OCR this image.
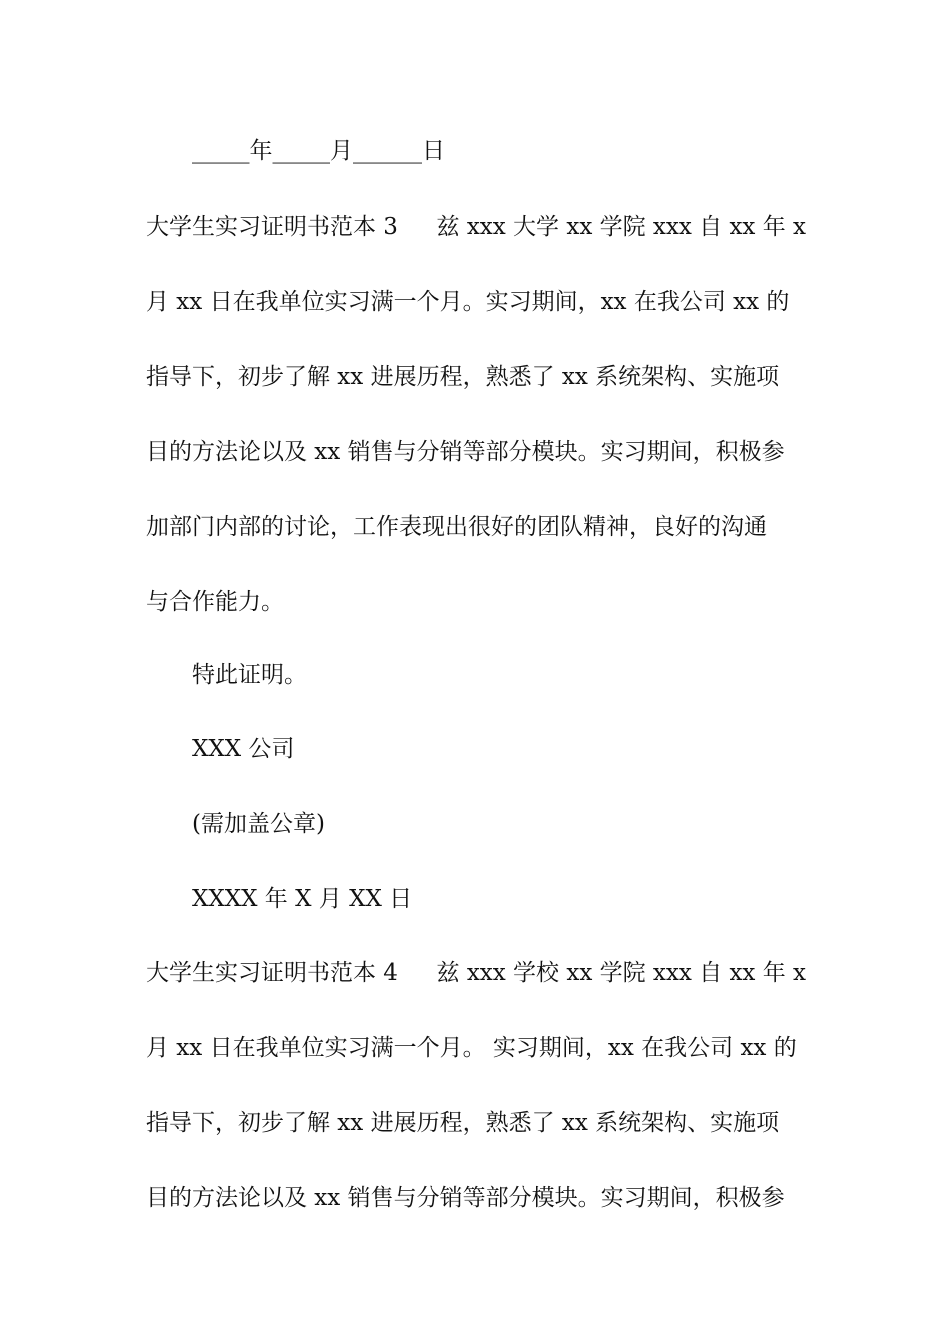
_____年_____月______日
大学生实习证明书范本 3 兹 xxx 大学 xx 学院 xxx 自 xx 年 x
月 xx 日在我单位实习满一个月。实习期间，xx 在我公司 xx 的
指导下，初步了解 xx 进展历程，熟悉了 xx 系统架构、实施项
目的方法论以及 xx 销售与分销等部分模块。实习期间，积极参
加部门内部的讨论，工作表现出很好的团队精神，良好的沟通
与合作能力。
特此证明。
XXX 公司
(需加盖公章)
XXXX 年 X 月 XX 日
大学生实习证明书范本 4 兹 xxx 学校 xx 学院 xxx 自 xx 年 x
月 xx 日在我单位实习满一个月。 实习期间，xx 在我公司 xx 的
指导下，初步了解 xx 进展历程，熟悉了 xx 系统架构、实施项
目的方法论以及 xx 销售与分销等部分模块。实习期间，积极参
